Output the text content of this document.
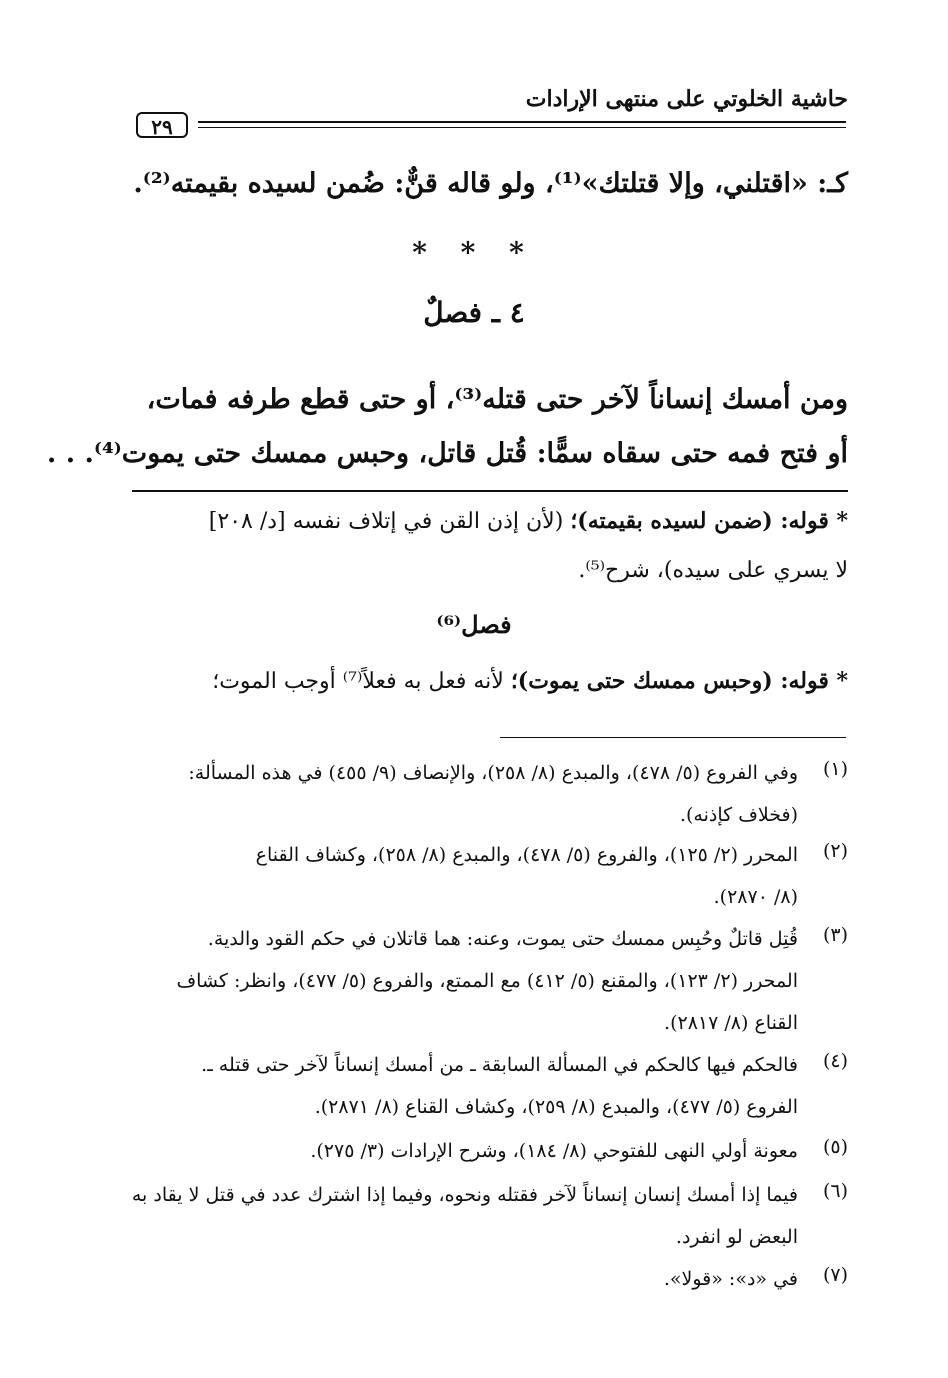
حاشية الخلوتي على منتهى الإرادات
٢٩
كـ: «اقتلني، وإلا قتلتك»⁽¹⁾، ولو قاله قنٌّ: ضُمن لسيده بقيمته⁽²⁾.
* * *
٤ ـ فصلٌ
ومن أمسك إنساناً لآخر حتى قتله⁽³⁾، أو حتى قطع طرفه فمات،
أو فتح فمه حتى سقاه سمًّا: قُتل قاتل، وحبس ممسك حتى يموت⁽⁴⁾. . .
* قوله: (ضمن لسيده بقيمته)؛ (لأن إذن القن في إتلاف نفسه [د/ ٢٠٨]
لا يسري على سيده)، شرح⁽⁵⁾.
فصل⁽⁶⁾
* قوله: (وحبس ممسك حتى يموت)؛ لأنه فعل به فعلاً⁽⁷⁾ أوجب الموت؛
(١)
وفي الفروع (٥/ ٤٧٨)، والمبدع (٨/ ٢٥٨)، والإنصاف (٩/ ٤٥٥) في هذه المسألة:
(فخلاف كإذنه).
(٢)
المحرر (٢/ ١٢٥)، والفروع (٥/ ٤٧٨)، والمبدع (٨/ ٢٥٨)، وكشاف القناع
(٨/ ٢٨٧٠).
(٣)
قُتِل قاتلٌ وحُبِس ممسك حتى يموت، وعنه: هما قاتلان في حكم القود والدية.
المحرر (٢/ ١٢٣)، والمقنع (٥/ ٤١٢) مع الممتع، والفروع (٥/ ٤٧٧)، وانظر: كشاف
القناع (٨/ ٢٨١٧).
(٤)
فالحكم فيها كالحكم في المسألة السابقة ـ من أمسك إنساناً لآخر حتى قتله ـ.
الفروع (٥/ ٤٧٧)، والمبدع (٨/ ٢٥٩)، وكشاف القناع (٨/ ٢٨٧١).
(٥)
معونة أولي النهى للفتوحي (٨/ ١٨٤)، وشرح الإرادات (٣/ ٢٧٥).
(٦)
فيما إذا أمسك إنسان إنساناً لآخر فقتله ونحوه، وفيما إذا اشترك عدد في قتل لا يقاد به
البعض لو انفرد.
(٧)
في «د»: «قولا».
